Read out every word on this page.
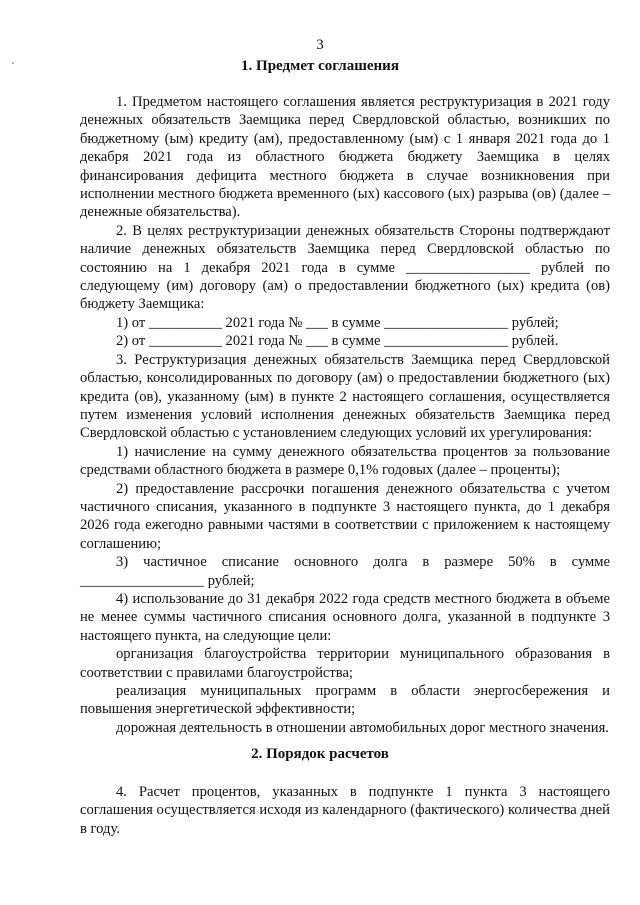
3
1. Предмет соглашения

1. Предметом настоящего соглашения является реструктуризация в 2021 году денежных обязательств Заемщика перед Свердловской областью, возникших по бюджетному (ым) кредиту (ам), предоставленному (ым) с 1 января 2021 года до 1 декабря 2021 года из областного бюджета бюджету Заемщика в целях финансирования дефицита местного бюджета в случае возникновения при исполнении местного бюджета временного (ых) кассового (ых) разрыва (ов) (далее – денежные обязательства).

2. В целях реструктуризации денежных обязательств Стороны подтверждают наличие денежных обязательств Заемщика перед Свердловской областью по состоянию на 1 декабря 2021 года в сумме _________________ рублей по следующему (им) договору (ам) о предоставлении бюджетного (ых) кредита (ов) бюджету Заемщика:

1) от __________ 2021 года № ___ в сумме _________________ рублей;

2) от __________ 2021 года № ___ в сумме _________________ рублей.

3. Реструктуризация денежных обязательств Заемщика перед Свердловской областью, консолидированных по договору (ам) о предоставлении бюджетного (ых) кредита (ов), указанному (ым) в пункте 2 настоящего соглашения, осуществляется путем изменения условий исполнения денежных обязательств Заемщика перед Свердловской областью с установлением следующих условий их урегулирования:

1) начисление на сумму денежного обязательства процентов за пользование средствами областного бюджета в размере 0,1% годовых (далее – проценты);

2) предоставление рассрочки погашения денежного обязательства с учетом частичного списания, указанного в подпункте 3 настоящего пункта, до 1 декабря 2026 года ежегодно равными частями в соответствии с приложением к настоящему соглашению;

3) частичное списание основного долга в размере 50% в сумме _________________ рублей;

4) использование до 31 декабря 2022 года средств местного бюджета в объеме не менее суммы частичного списания основного долга, указанной в подпункте 3 настоящего пункта, на следующие цели:

организация благоустройства территории муниципального образования в соответствии с правилами благоустройства;

реализация муниципальных программ в области энергосбережения и повышения энергетической эффективности;

дорожная деятельность в отношении автомобильных дорог местного значения.

2. Порядок расчетов

4. Расчет процентов, указанных в подпункте 1 пункта 3 настоящего соглашения осуществляется исходя из календарного (фактического) количества дней в году.
